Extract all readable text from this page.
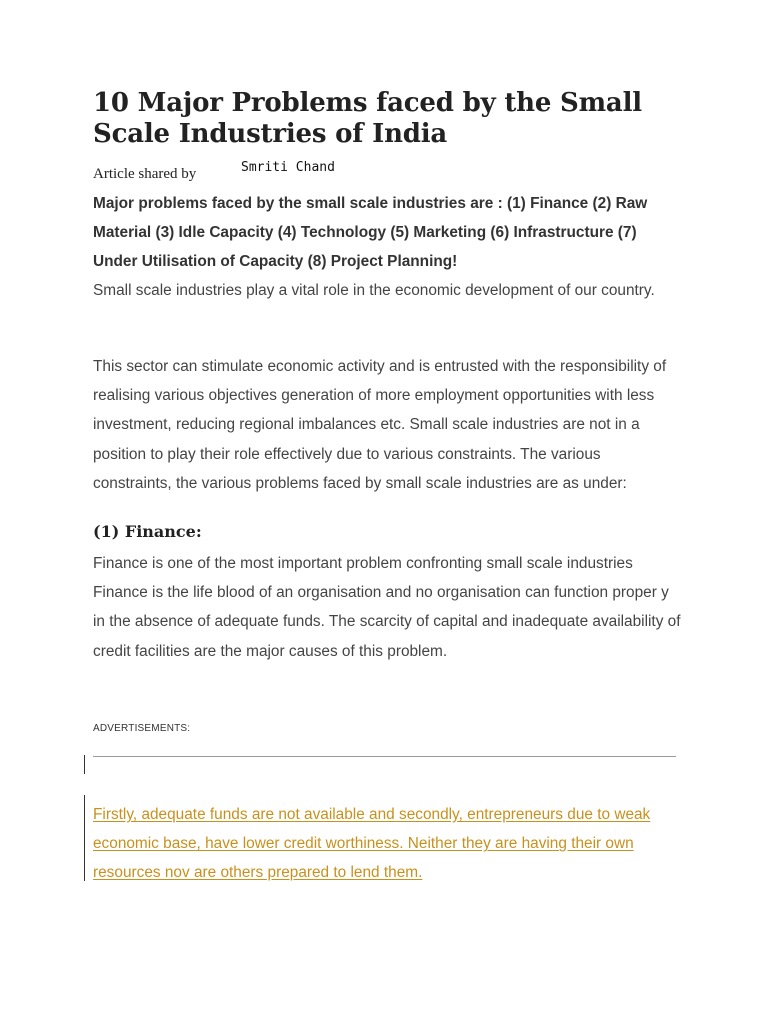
10 Major Problems faced by the Small Scale Industries of India
Article shared by	Smriti Chand

Major problems faced by the small scale industries are : (1) Finance (2) Raw Material (3) Idle Capacity (4) Technology (5) Marketing (6) Infrastructure (7) Under Utilisation of Capacity (8) Project Planning!

Small scale industries play a vital role in the economic development of our country.

This sector can stimulate economic activity and is entrusted with the responsibility of realising various objectives generation of more employment opportunities with less investment, reducing regional imbalances etc. Small scale industries are not in a position to play their role effectively due to various constraints. The various constraints, the various problems faced by small scale industries are as under:

(1) Finance:

Finance is one of the most important problem confronting small scale industries Finance is the life blood of an organisation and no organisation can function proper y in the absence of adequate funds. The scarcity of capital and inadequate availability of credit facilities are the major causes of this problem.

ADVERTISEMENTS:

Firstly, adequate funds are not available and secondly, entrepreneurs due to weak economic base, have lower credit worthiness. Neither they are having their own resources nov are others prepared to lend them.
